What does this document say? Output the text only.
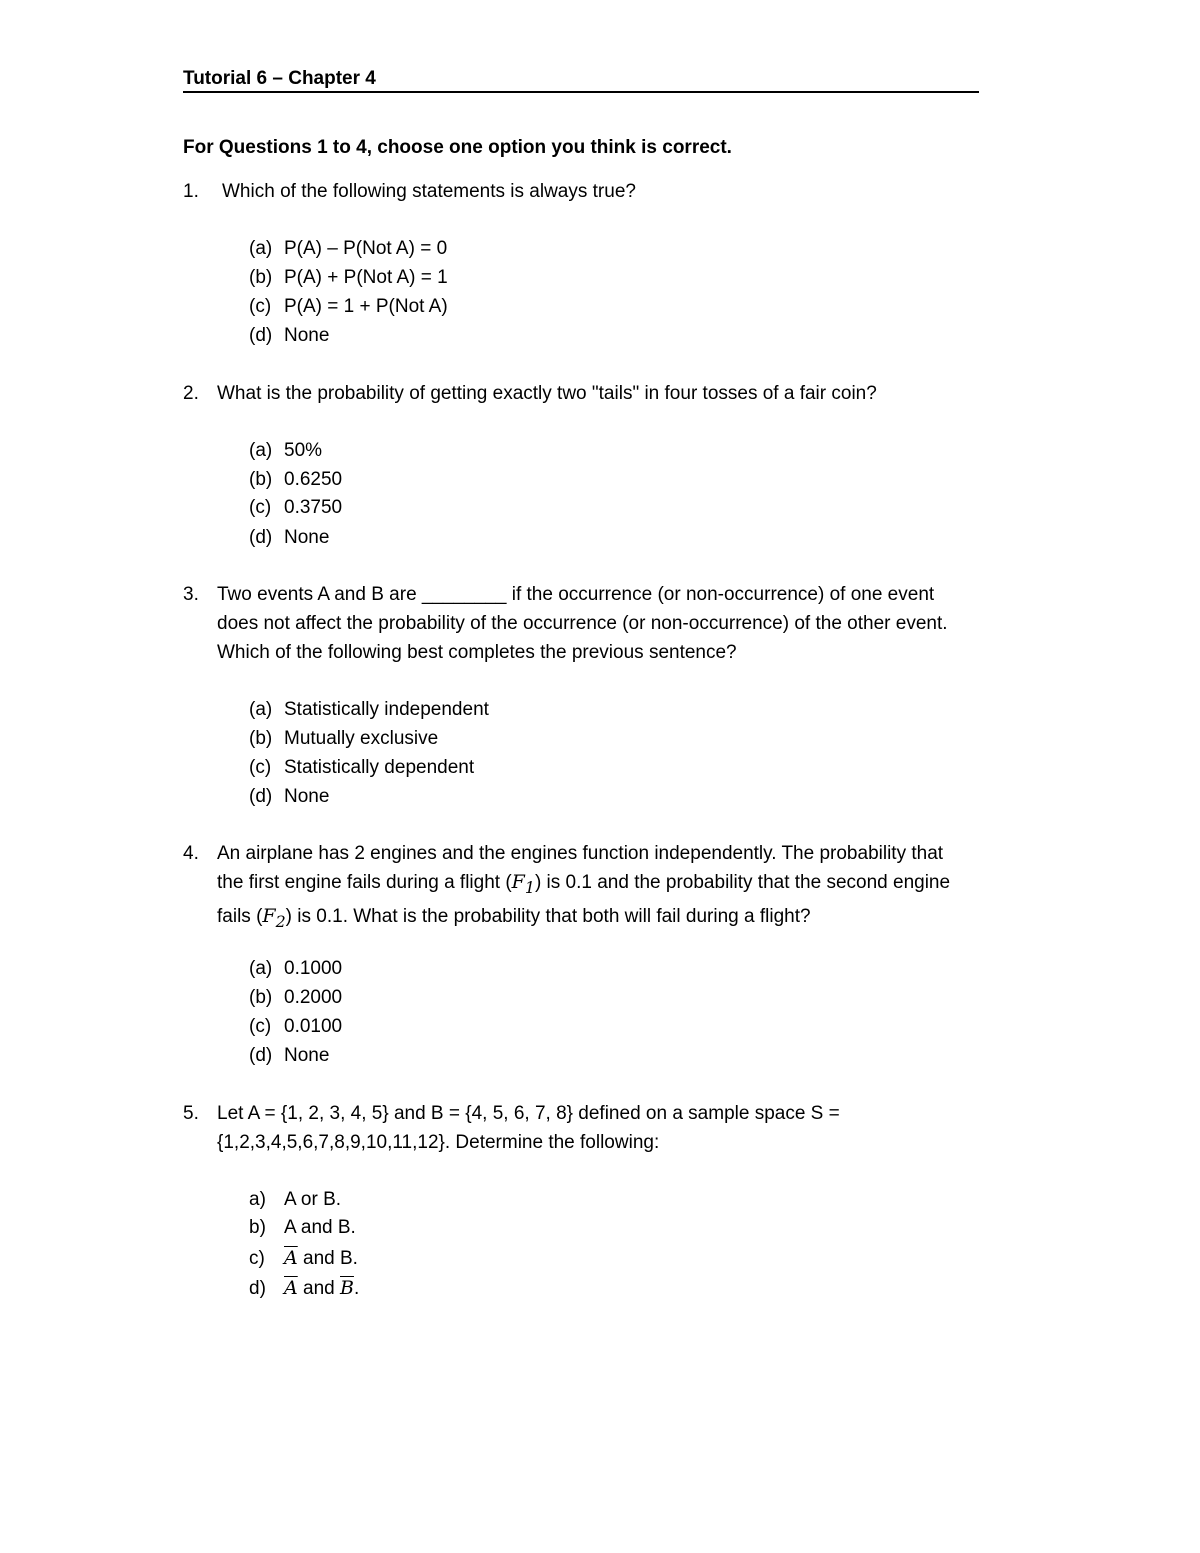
Tutorial 6 – Chapter 4
For Questions 1 to 4, choose one option you think is correct.
1. Which of the following statements is always true?
(a) P(A) – P(Not A) = 0
(b) P(A) + P(Not A) = 1
(c) P(A) = 1 + P(Not A)
(d) None
2. What is the probability of getting exactly two "tails" in four tosses of a fair coin?
(a) 50%
(b) 0.6250
(c) 0.3750
(d) None
3. Two events A and B are ________ if the occurrence (or non-occurrence) of one event
does not affect the probability of the occurrence (or non-occurrence) of the other event.
Which of the following best completes the previous sentence?
(a) Statistically independent
(b) Mutually exclusive
(c) Statistically dependent
(d) None
4. An airplane has 2 engines and the engines function independently. The probability that
the first engine fails during a flight $(F_1)$ is 0.1 and the probability that the second engine
fails $(F_2)$ is 0.1. What is the probability that both will fail during a flight?
(a) 0.1000
(b) 0.2000
(c) 0.0100
(d) None
5. Let A = {1, 2, 3, 4, 5} and B = {4, 5, 6, 7, 8} defined on a sample space S =
{1,2,3,4,5,6,7,8,9,10,11,12}. Determine the following:
a) A or B.
b) A and B.
c) $\overline{A}$ and B.
d) $\overline{A}$ and $\overline{B}$.
